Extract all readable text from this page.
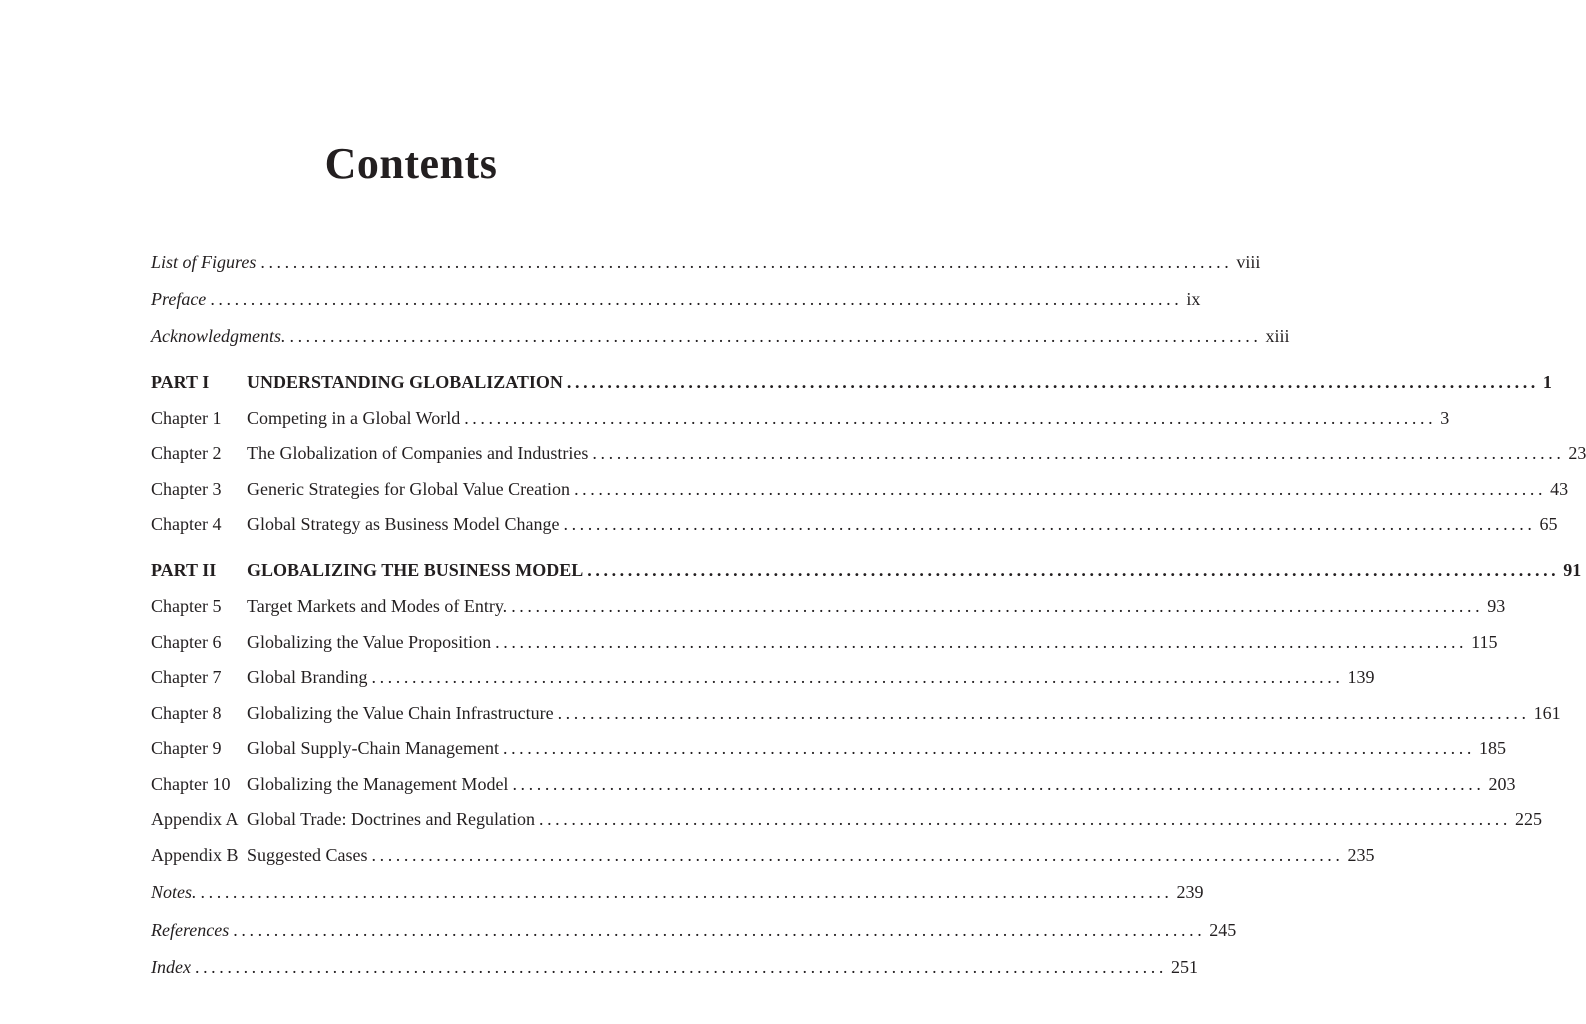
Contents
List of Figures ........................................................................................................................ viii
Preface ........................................................................................................................ ix
Acknowledgments. ........................................................................................................................ xiii
PART I	UNDERSTANDING GLOBALIZATION ........................................................................................................................ 1
Chapter 1	Competing in a Global World ........................................................................................................................ 3
Chapter 2	The Globalization of Companies and Industries ........................................................................................................................ 23
Chapter 3	Generic Strategies for Global Value Creation ........................................................................................................................ 43
Chapter 4	Global Strategy as Business Model Change ........................................................................................................................ 65
PART II	GLOBALIZING THE BUSINESS MODEL ........................................................................................................................ 91
Chapter 5	Target Markets and Modes of Entry. ........................................................................................................................ 93
Chapter 6	Globalizing the Value Proposition ........................................................................................................................ 115
Chapter 7	Global Branding ........................................................................................................................ 139
Chapter 8	Globalizing the Value Chain Infrastructure ........................................................................................................................ 161
Chapter 9	Global Supply-Chain Management ........................................................................................................................ 185
Chapter 10 Globalizing the Management Model ........................................................................................................................ 203
Appendix A Global Trade: Doctrines and Regulation ........................................................................................................................ 225
Appendix B Suggested Cases ........................................................................................................................ 235
Notes. ........................................................................................................................ 239
References ........................................................................................................................ 245
Index ........................................................................................................................ 251
